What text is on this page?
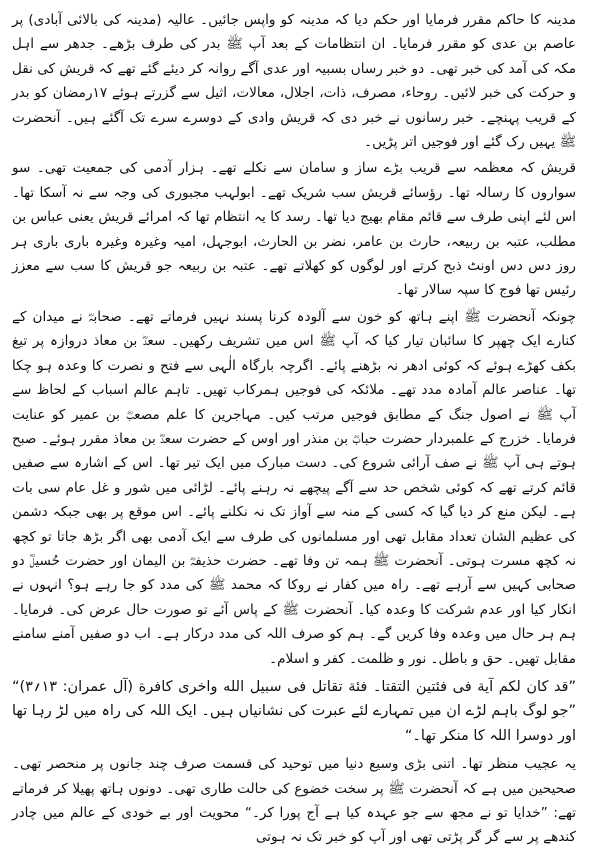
مدینہ کا حاکم مقرر فرمایا اور حکم دیا کہ مدینہ کو واپس جائیں۔ عالیہ (مدینہ کی بالائی آبادی) پر عاصم بن عدی کو مقرر فرمایا۔ ان انتظامات کے بعد آپ ﷺ بدر کی طرف بڑھے۔ جدھر سے اہل مکہ کی آمد کی خبر تھی۔ دو خبر رساں بسبیہ اور عدی آگے روانہ کر دیئے گئے تھے کہ قریش کی نقل و حرکت کی خبر لائیں۔ روحاء، مصرف، ذات، اجلال، معالات، اثیل سے گزرتے ہوئے ۱۷رمضان کو بدر کے قریب پہنچے۔ خبر رسانوں نے خبر دی کہ قریش وادی کے دوسرے سرے تک آگئے ہیں۔ آنحضرت ﷺ یہیں رک گئے اور فوجیں اتر پڑیں۔

قریش کہ معظمہ سے قریب بڑے ساز و سامان سے نکلے تھے۔ ہزار آدمی کی جمعیت تھی۔ سو سواروں کا رسالہ تھا۔ رؤسائے قریش سب شریک تھے۔ ابولہب مجبوری کی وجہ سے نہ آسکا تھا۔ اس لئے اپنی طرف سے قائم مقام بھیج دیا تھا۔ رسد کا یہ انتظام تھا کہ امرائے قریش یعنی عباس بن مطلب، عتبہ بن ربیعہ، حارث بن عامر، نضر بن الحارث، ابوجہل، امیہ وغیرہ وغیرہ باری باری ہر روز دس دس اونٹ ذبح کرتے اور لوگوں کو کھلاتے تھے۔ عتبہ بن ربیعہ جو قریش کا سب سے معزز رئیس تھا فوج کا سپہ سالار تھا۔

چونکہ آنحضرت ﷺ اپنے ہاتھ کو خون سے آلودہ کرنا پسند نہیں فرماتے تھے۔ صحابہؓ نے میدان کے کنارے ایک چھپر کا سائبان تیار کیا کہ آپ ﷺ اس میں تشریف رکھیں۔ سعدؓ بن معاذ دروازہ پر تیغ بکف کھڑے ہوئے کہ کوئی ادھر نہ بڑھنے پائے۔ اگرچہ بارگاہ الٰہی سے فتح و نصرت کا وعدہ ہو چکا تھا۔ عناصر عالم آمادہ مدد تھے۔ ملائکہ کی فوجیں ہمرکاب تھیں۔ تاہم عالم اسباب کے لحاظ سے آپ ﷺ نے اصول جنگ کے مطابق فوجیں مرتب کیں۔ مہاجرین کا علم مصعبؓ بن عمیر کو عنایت فرمایا۔ خزرج کے علمبردار حضرت حبابؓ بن منذر اور اوس کے حضرت سعدؓ بن معاذ مقرر ہوئے۔ صبح ہوتے ہی آپ ﷺ نے صف آرائی شروع کی۔ دست مبارک میں ایک تیر تھا۔ اس کے اشارہ سے صفیں قائم کرتے تھے کہ کوئی شخص حد سے آگے پیچھے نہ رہنے پائے۔ لڑائی میں شور و غل عام سی بات ہے۔ لیکن منع کر دیا گیا کہ کسی کے منہ سے آواز تک نہ نکلنے پائے۔ اس موقع پر بھی جبکہ دشمن کی عظیم الشان تعداد مقابل تھی اور مسلمانوں کی طرف سے ایک آدمی بھی اگر بڑھ جاتا تو کچھ نہ کچھ مسرت ہوتی۔ آنحضرت ﷺ ہمہ تن وفا تھے۔ حضرت حذیفہؓ بن الیمان اور حضرت حُسیلؓ دو صحابی کہیں سے آرہے تھے۔ راہ میں کفار نے روکا کہ محمد ﷺ کی مدد کو جا رہے ہو؟ انہوں نے انکار کیا اور عدم شرکت کا وعدہ کیا۔ آنحضرت ﷺ کے پاس آئے تو صورت حال عرض کی۔ فرمایا۔ ہم ہر حال میں وعدہ وفا کریں گے۔ ہم کو صرف اللہ کی مدد درکار ہے۔ اب دو صفیں آمنے سامنے مقابل تھیں۔ حق و باطل۔ نور و ظلمت۔ کفر و اسلام۔

”قد کان لکم آیة فی فئتین التقتا۔ فئة تقاتل فی سبیل الله واخری کافرة (آل عمران: ۱۳؍۳)“ ”جو لوگ باہم لڑے ان میں تمہارے لئے عبرت کی نشانیاں ہیں۔ ایک اللہ کی راہ میں لڑ رہا تھا اور دوسرا اللہ کا منکر تھا۔“

یہ عجیب منظر تھا۔ اتنی بڑی وسیع دنیا میں توحید کی قسمت صرف چند جانوں پر منحصر تھی۔ صحیحین میں ہے کہ آنحضرت ﷺ پر سخت خضوع کی حالت طاری تھی۔ دونوں ہاتھ پھیلا کر فرماتے تھے: ”خدایا تو نے مجھ سے جو عہدہ کیا ہے آج پورا کر۔“ محویت اور بے خودی کے عالم میں چادر کندھے پر سے گر گر پڑتی تھی اور آپ کو خبر تک نہ ہوتی
